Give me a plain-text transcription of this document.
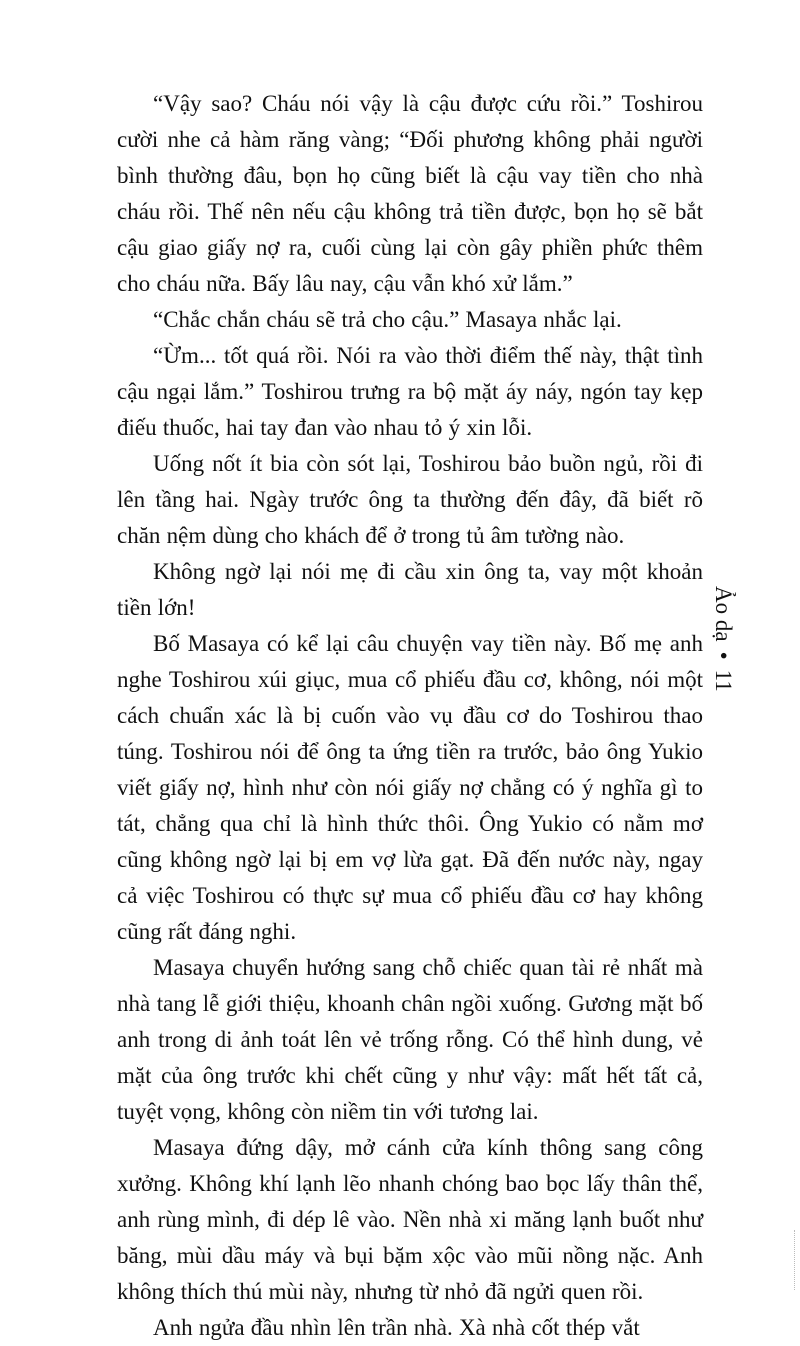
“Vậy sao? Cháu nói vậy là cậu được cứu rồi.” Toshirou cười nhe cả hàm răng vàng; “Đối phương không phải người bình thường đâu, bọn họ cũng biết là cậu vay tiền cho nhà cháu rồi. Thế nên nếu cậu không trả tiền được, bọn họ sẽ bắt cậu giao giấy nợ ra, cuối cùng lại còn gây phiền phức thêm cho cháu nữa. Bấy lâu nay, cậu vẫn khó xử lắm.”

“Chắc chắn cháu sẽ trả cho cậu.” Masaya nhắc lại.

“Ừm... tốt quá rồi. Nói ra vào thời điểm thế này, thật tình cậu ngại lắm.” Toshirou trưng ra bộ mặt áy náy, ngón tay kẹp điếu thuốc, hai tay đan vào nhau tỏ ý xin lỗi.

Uống nốt ít bia còn sót lại, Toshirou bảo buồn ngủ, rồi đi lên tầng hai. Ngày trước ông ta thường đến đây, đã biết rõ chăn nệm dùng cho khách để ở trong tủ âm tường nào.

Không ngờ lại nói mẹ đi cầu xin ông ta, vay một khoản tiền lớn!

Bố Masaya có kể lại câu chuyện vay tiền này. Bố mẹ anh nghe Toshirou xúi giục, mua cổ phiếu đầu cơ, không, nói một cách chuẩn xác là bị cuốn vào vụ đầu cơ do Toshirou thao túng. Toshirou nói để ông ta ứng tiền ra trước, bảo ông Yukio viết giấy nợ, hình như còn nói giấy nợ chẳng có ý nghĩa gì to tát, chẳng qua chỉ là hình thức thôi. Ông Yukio có nằm mơ cũng không ngờ lại bị em vợ lừa gạt. Đã đến nước này, ngay cả việc Toshirou có thực sự mua cổ phiếu đầu cơ hay không cũng rất đáng nghi.

Masaya chuyển hướng sang chỗ chiếc quan tài rẻ nhất mà nhà tang lễ giới thiệu, khoanh chân ngồi xuống. Gương mặt bố anh trong di ảnh toát lên vẻ trống rỗng. Có thể hình dung, vẻ mặt của ông trước khi chết cũng y như vậy: mất hết tất cả, tuyệt vọng, không còn niềm tin với tương lai.

Masaya đứng dậy, mở cánh cửa kính thông sang công xưởng. Không khí lạnh lẽo nhanh chóng bao bọc lấy thân thể, anh rùng mình, đi dép lê vào. Nền nhà xi măng lạnh buốt như băng, mùi dầu máy và bụi bặm xộc vào mũi nồng nặc. Anh không thích thú mùi này, nhưng từ nhỏ đã ngửi quen rồi.

Anh ngửa đầu nhìn lên trần nhà. Xà nhà cốt thép vắt

Ảo dạ•11
